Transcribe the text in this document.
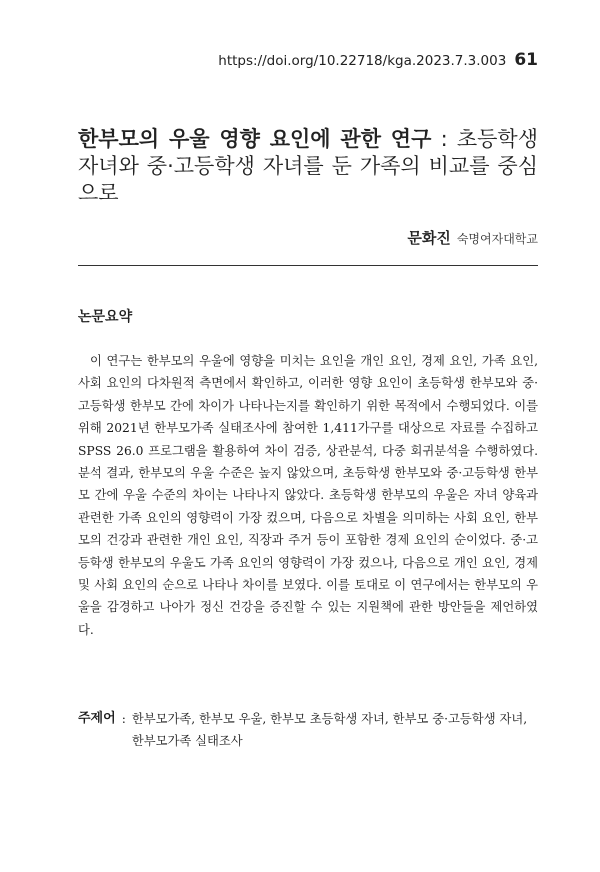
https://doi.org/10.22718/kga.2023.7.3.003 61
한부모의 우울 영향 요인에 관한 연구 : 초등학생 자녀와 중·고등학생 자녀를 둔 가족의 비교를 중심으로
문화진 숙명여자대학교
논문요약

이 연구는 한부모의 우울에 영향을 미치는 요인을 개인 요인, 경제 요인, 가족 요인, 사회 요인의 다차원적 측면에서 확인하고, 이러한 영향 요인이 초등학생 한부모와 중·고등학생 한부모 간에 차이가 나타나는지를 확인하기 위한 목적에서 수행되었다. 이를 위해 2021년 한부모가족 실태조사에 참여한 1,411가구를 대상으로 자료를 수집하고 SPSS 26.0 프로그램을 활용하여 차이 검증, 상관분석, 다중 회귀분석을 수행하였다. 분석 결과, 한부모의 우울 수준은 높지 않았으며, 초등학생 한부모와 중·고등학생 한부모 간에 우울 수준의 차이는 나타나지 않았다. 초등학생 한부모의 우울은 자녀 양육과 관련한 가족 요인의 영향력이 가장 컸으며, 다음으로 차별을 의미하는 사회 요인, 한부모의 건강과 관련한 개인 요인, 직장과 주거 등이 포함한 경제 요인의 순이었다. 중·고등학생 한부모의 우울도 가족 요인의 영향력이 가장 컸으나, 다음으로 개인 요인, 경제 및 사회 요인의 순으로 나타나 차이를 보였다. 이를 토대로 이 연구에서는 한부모의 우울을 감경하고 나아가 정신 건강을 증진할 수 있는 지원책에 관한 방안들을 제언하였다.

주제어 : 한부모가족, 한부모 우울, 한부모 초등학생 자녀, 한부모 중·고등학생 자녀, 한부모가족 실태조사
